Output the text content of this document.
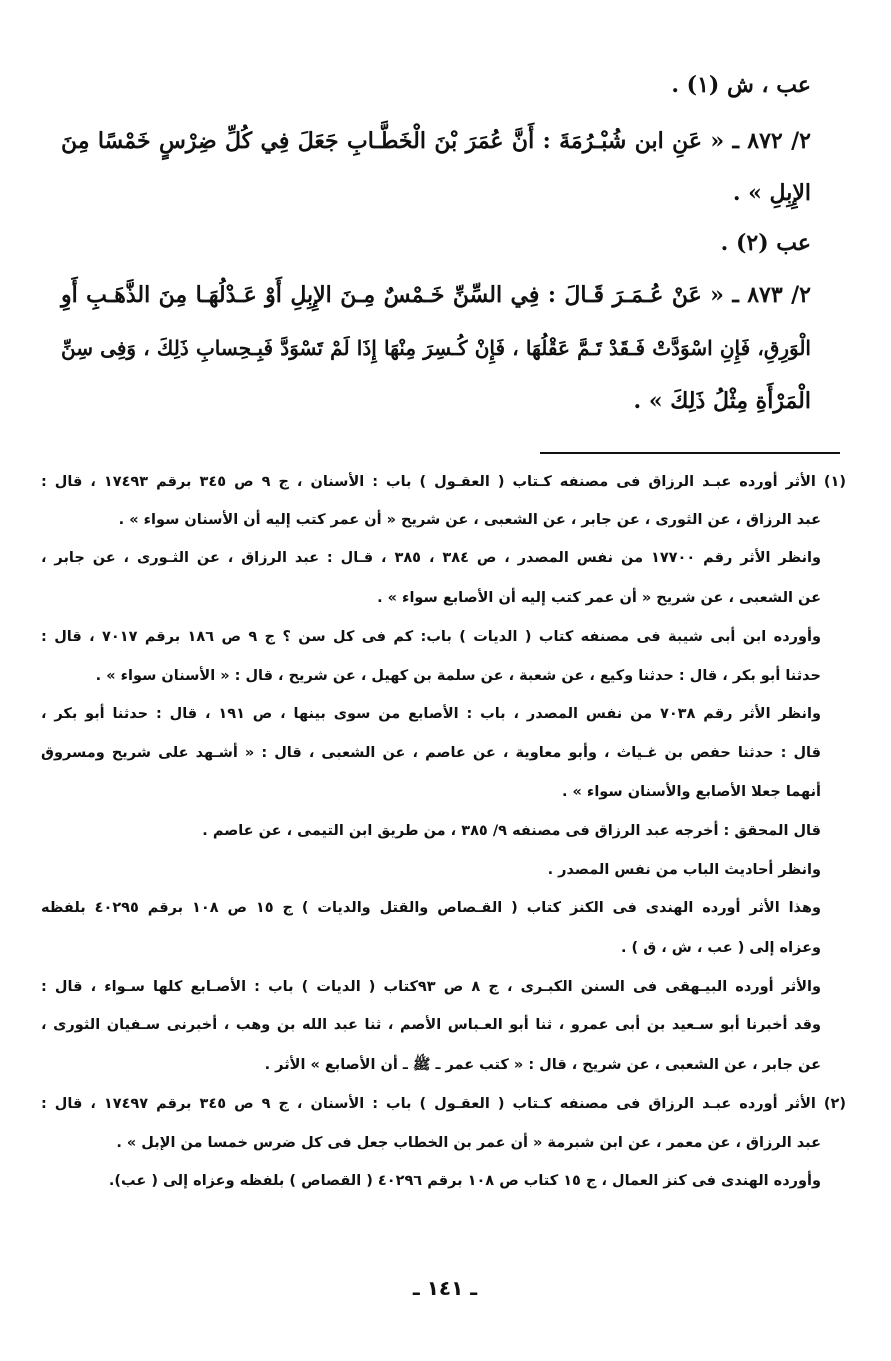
عب ، ش (١) .
٢/ ٨٧٢ ـ « عَنِ ابن شُبْـرُمَةَ : أَنَّ عُمَرَ بْنَ الْخَطَّـابِ جَعَلَ فِي كُلِّ ضِرْسٍ خَمْسًا مِنَ
الإِبِلِ » .
عب (٢) .
٢/ ٨٧٣ ـ « عَنْ عُـمَـرَ قَـالَ : فِي السِّنِّ خَـمْسٌ مِـنَ الإِبِلِ أَوْ عَـدْلُهَـا مِنَ الذَّهَـبِ أَوِ
الْوَرِقِ، فَإِنِ اسْوَدَّتْ فَـقَدْ تَـمَّ عَقْلُهَا ، فَإِنْ كُـسِرَ مِنْهَا إِذَا لَمْ تَسْوَدَّ فَبِـحِسابِ ذَلِكَ ، وَفِى سِنِّ
الْمَرْأَةِ مِثْلُ ذَلِكَ » .
(١) الأثر أورده عبـد الرزاق فى مصنفه كـتاب ( العقـول ) باب : الأسنان ، ج ٩ ص ٣٤٥ برقم ١٧٤٩٣ ، قال :
عبد الرزاق ، عن الثورى ، عن جابر ، عن الشعبى ، عن شريح « أن عمر كتب إليه أن الأسنان سواء » .
وانظر الأثر رقم ١٧٧٠٠ من نفس المصدر ، ص ٣٨٤ ، ٣٨٥ ، قـال : عبد الرزاق ، عن الثـورى ، عن جابر ،
عن الشعبى ، عن شريح « أن عمر كتب إليه أن الأصابع سواء » .
وأورده ابن أبى شيبة فى مصنفه كتاب ( الديات ) باب: كم فى كل سن ؟ ج ٩ ص ١٨٦ برقم ٧٠١٧ ، قال :
حدثنا أبو بكر ، قال : حدثنا وكيع ، عن شعبة ، عن سلمة بن كهيل ، عن شريح ، قال : « الأسنان سواء » .
وانظر الأثر رقم ٧٠٣٨ من نفس المصدر ، باب : الأصابع من سوى بينها ، ص ١٩١ ، قال : حدثنا أبو بكر ،
قال : حدثنا حفص بن غـياث ، وأبو معاوية ، عن عاصم ، عن الشعبى ، قال : « أشـهد على شريح ومسروق
أنهما جعلا الأصابع والأسنان سواء » .
قال المحقق : أخرجه عبد الرزاق فى مصنفه ٩/ ٣٨٥ ، من طريق ابن التيمى ، عن عاصم .
وانظر أحاديث الباب من نفس المصدر .
وهذا الأثر أورده الهندى فى الكنز كتاب ( القـصاص والقتل والديات ) ج ١٥ ص ١٠٨ برقم ٤٠٢٩٥ بلفظه
وعزاه إلى ( عب ، ش ، ق ) .
والأثر أورده البيـهقى فى السنن الكبـرى ، ج ٨ ص ٩٣كتاب ( الديات ) باب : الأصـابع كلها سـواء ، قال :
وقد أخبرنا أبو سـعيد بن أبى عمرو ، ثنا أبو العـباس الأصم ، ثنا عبد الله بن وهب ، أخبرنى سـفيان الثورى ،
عن جابر ، عن الشعبى ، عن شريح ، قال : « كتب عمر ـ ﷺ ـ أن الأصابع » الأثر .
(٢) الأثر أورده عبـد الرزاق فى مصنفه كـتاب ( العقـول ) باب : الأسنان ، ج ٩ ص ٣٤٥ برقم ١٧٤٩٧ ، قال :
عبد الرزاق ، عن معمر ، عن ابن شبرمة « أن عمر بن الخطاب جعل فى كل ضرس خمسا من الإبل » .
وأورده الهندى فى كنز العمال ، ج ١٥ كتاب ص ١٠٨ برقم ٤٠٢٩٦ ( القصاص ) بلفظه وعزاه إلى ( عب).
ـ ١٤١ ـ
